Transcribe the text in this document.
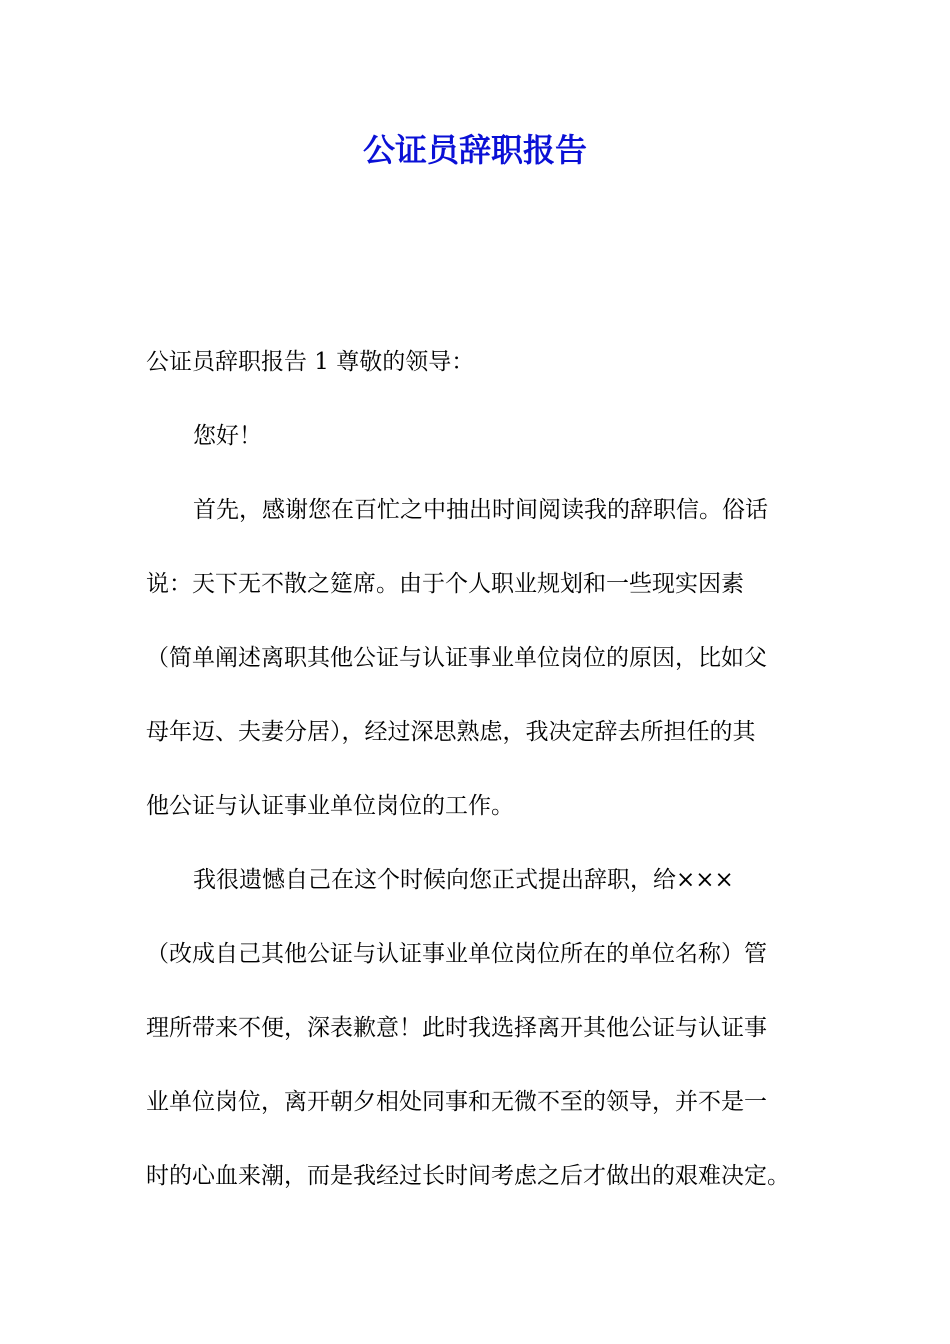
公证员辞职报告
公证员辞职报告 1 尊敬的领导：
您好！
首先，感谢您在百忙之中抽出时间阅读我的辞职信。俗话
说：天下无不散之筵席。由于个人职业规划和一些现实因素
（简单阐述离职其他公证与认证事业单位岗位的原因，比如父
母年迈、夫妻分居），经过深思熟虑，我决定辞去所担任的其
他公证与认证事业单位岗位的工作。
我很遗憾自己在这个时候向您正式提出辞职，给×××
（改成自己其他公证与认证事业单位岗位所在的单位名称）管
理所带来不便，深表歉意！此时我选择离开其他公证与认证事
业单位岗位，离开朝夕相处同事和无微不至的领导，并不是一
时的心血来潮，而是我经过长时间考虑之后才做出的艰难决定。
